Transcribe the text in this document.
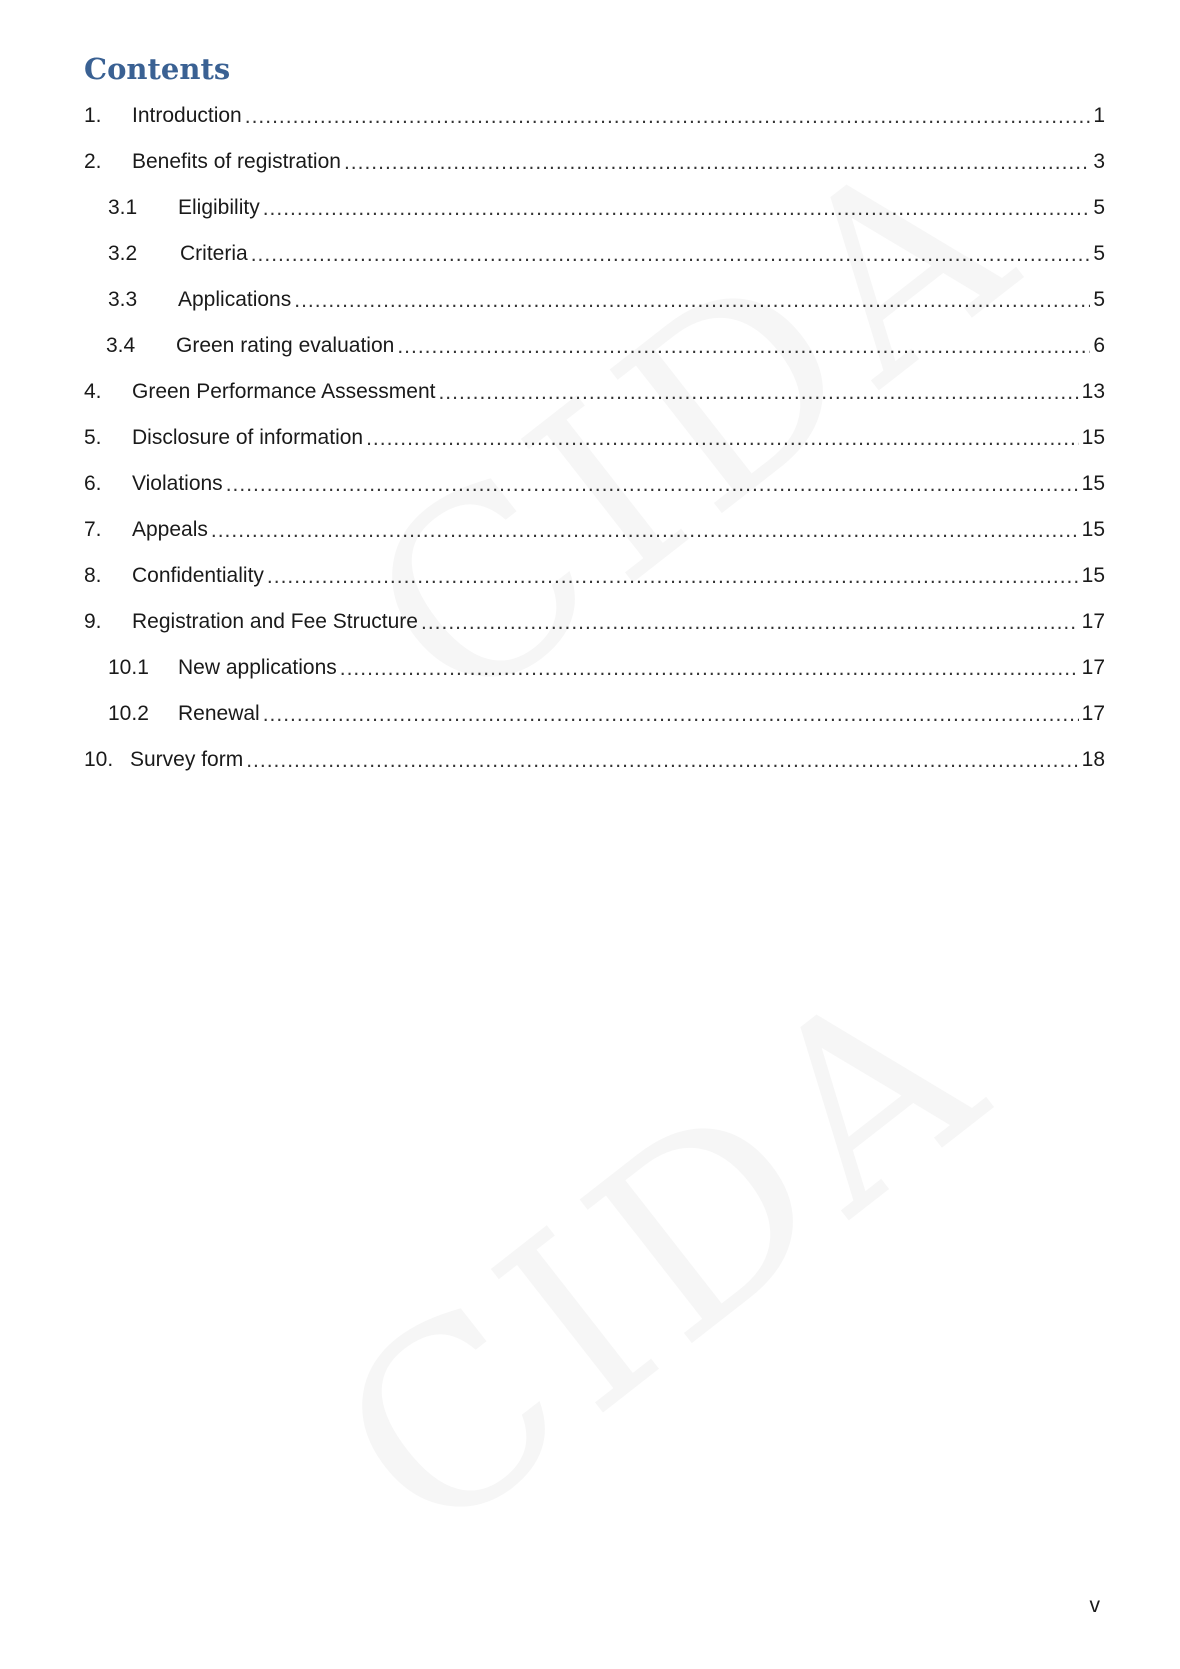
Contents
1.	Introduction .....	1
2.	Benefits of registration .....	3
3.1	Eligibility .....	5
3.2	Criteria .....	5
3.3	Applications .....	5
3.4	Green rating evaluation .....	6
4.	Green Performance Assessment .....	13
5.	Disclosure of information .....	15
6.	Violations .....	15
7.	Appeals .....	15
8.	Confidentiality .....	15
9.	Registration and Fee Structure .....	17
10.1	New applications .....	17
10.2	Renewal .....	17
10. Survey form .....	18
v
